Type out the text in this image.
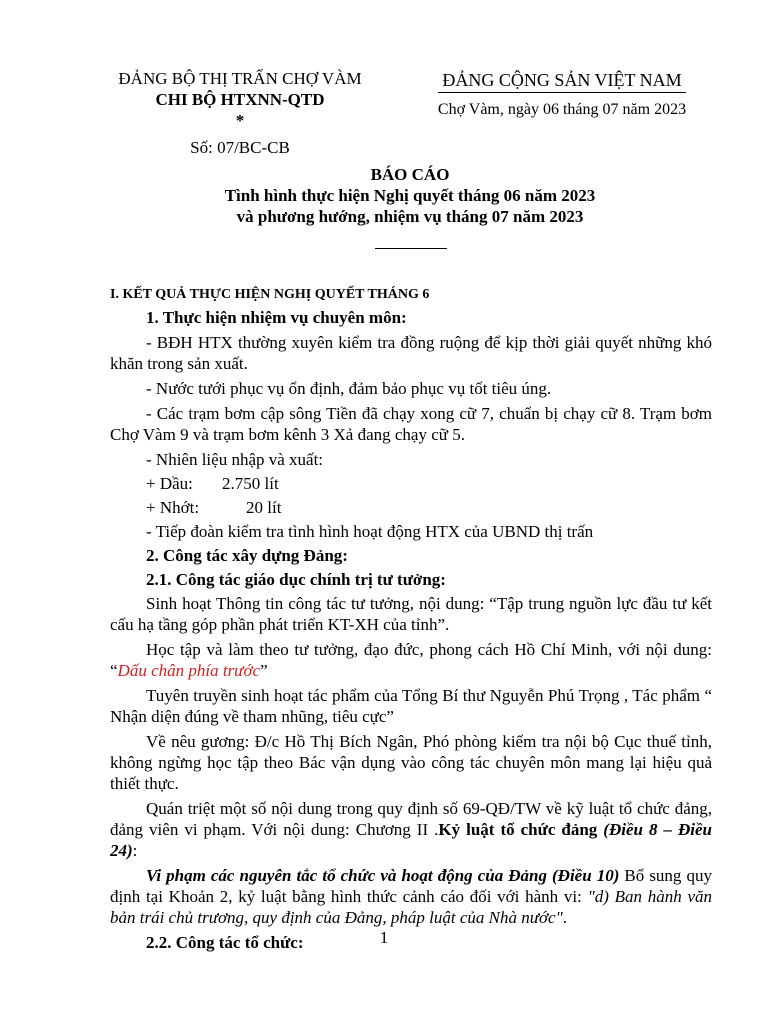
ĐẢNG BỘ THỊ TRẤN CHỢ VÀM
CHI BỘ HTXNN-QTD
*
Số: 07/BC-CB
ĐẢNG CỘNG SẢN VIỆT NAM
Chợ Vàm, ngày 06 tháng 07 năm 2023
BÁO CÁO
Tình hình thực hiện Nghị quyết tháng 06 năm 2023
và phương hướng, nhiệm vụ tháng 07 năm 2023

I. KẾT QUẢ THỰC HIỆN NGHỊ QUYẾT THÁNG 6

1. Thực hiện nhiệm vụ chuyên môn:

- BĐH HTX thường xuyên kiểm tra đồng ruộng để kịp thời giải quyết những khó khăn trong sản xuất.

- Nước tưới phục vụ ổn định, đảm bảo phục vụ tốt tiêu úng.

- Các trạm bơm cập sông Tiền đã chạy xong cữ 7, chuẩn bị chạy cữ 8. Trạm bơm Chợ Vàm 9 và trạm bơm kênh 3 Xả đang chạy cữ 5.

- Nhiên liệu nhập và xuất:

+ Dầu: 2.750 lít

+ Nhớt:	20 lít

- Tiếp đoàn kiểm tra tình hình hoạt động HTX của UBND thị trấn

2. Công tác xây dựng Đảng:

2.1. Công tác giáo dục chính trị tư tưởng:

Sinh hoạt Thông tin công tác tư tưởng, nội dung: “Tập trung nguồn lực đầu tư kết cấu hạ tầng góp phần phát triển KT-XH của tỉnh”.

Học tập và làm theo tư tưởng, đạo đức, phong cách Hồ Chí Minh, với nội dung: “Dấu chân phía trước”

Tuyên truyền sinh hoạt tác phẩm của Tổng Bí thư Nguyễn Phú Trọng , Tác phẩm “ Nhận diện đúng về tham nhũng, tiêu cực”

Về nêu gương: Đ/c Hồ Thị Bích Ngân, Phó phòng kiểm tra nội bộ Cục thuế tỉnh, không ngừng học tập theo Bác vận dụng vào công tác chuyên môn mang lại hiệu quả thiết thực.

Quán triệt một số nội dung trong quy định số 69-QĐ/TW về kỹ luật tổ chức đảng, đảng viên vi phạm. Với nội dung: Chương II .Kỷ luật tổ chức đảng (Điều 8 – Điều 24):

Vi phạm các nguyên tắc tổ chức và hoạt động của Đảng (Điều 10) Bổ sung quy định tại Khoản 2, kỷ luật bằng hình thức cảnh cáo đối với hành vi: "d) Ban hành văn bản trái chủ trương, quy định của Đảng, pháp luật của Nhà nước".

2.2. Công tác tổ chức:	1
